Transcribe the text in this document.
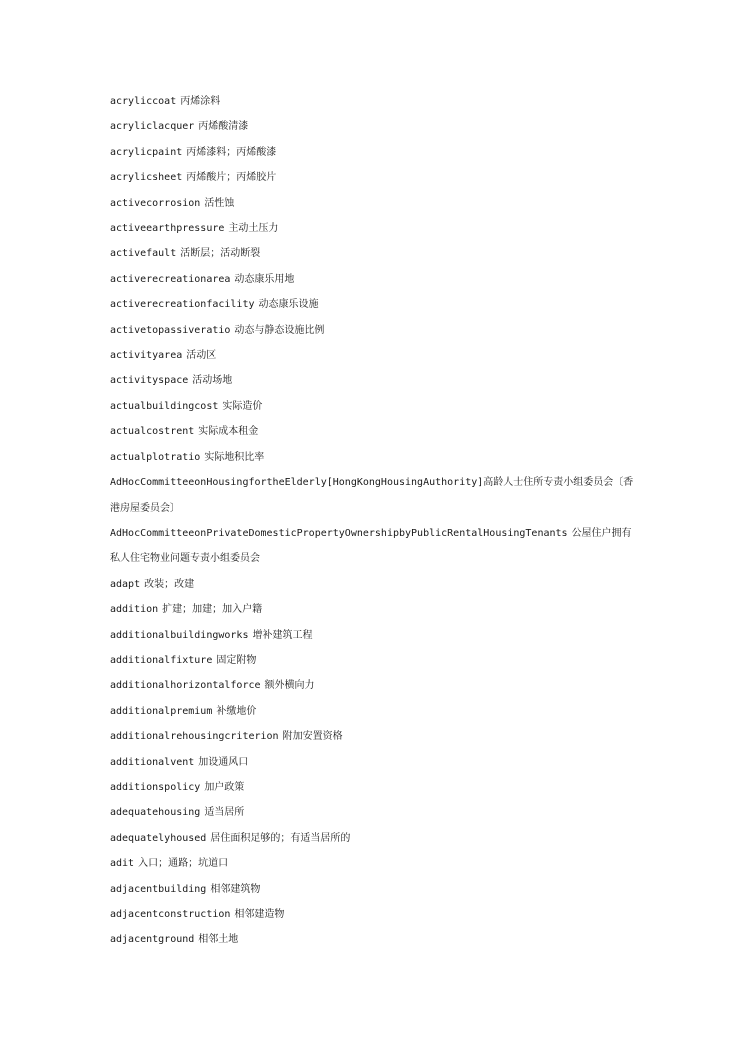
acryliccoat 丙烯涂料

acryliclacquer 丙烯酸清漆

acrylicpaint 丙烯漆料；丙烯酸漆

acrylicsheet 丙烯酸片；丙烯胶片

activecorrosion 活性蚀

activeearthpressure 主动土压力

activefault 活断层；活动断裂

activerecreationarea 动态康乐用地

activerecreationfacility 动态康乐设施

activetopassiveratio 动态与静态设施比例

activityarea 活动区

activityspace 活动场地

actualbuildingcost 实际造价

actualcostrent 实际成本租金

actualplotratio 实际地积比率

AdHocCommitteeonHousingfortheElderly[HongKongHousingAuthority]高龄人士住所专责小组委员会〔香港房屋委员会〕

AdHocCommitteeonPrivateDomesticPropertyOwnershipbyPublicRentalHousingTenants 公屋住户拥有私人住宅物业问题专责小组委员会

adapt 改装；改建

addition 扩建；加建；加入户籍

additionalbuildingworks 增补建筑工程

additionalfixture 固定附物

additionalhorizontalforce 额外横向力

additionalpremium 补缴地价

additionalrehousingcriterion 附加安置资格

additionalvent 加设通风口

additionspolicy 加户政策

adequatehousing 适当居所

adequatelyhoused 居住面积足够的；有适当居所的

adit 入口；通路；坑道口

adjacentbuilding 相邻建筑物

adjacentconstruction 相邻建造物

adjacentground 相邻土地
